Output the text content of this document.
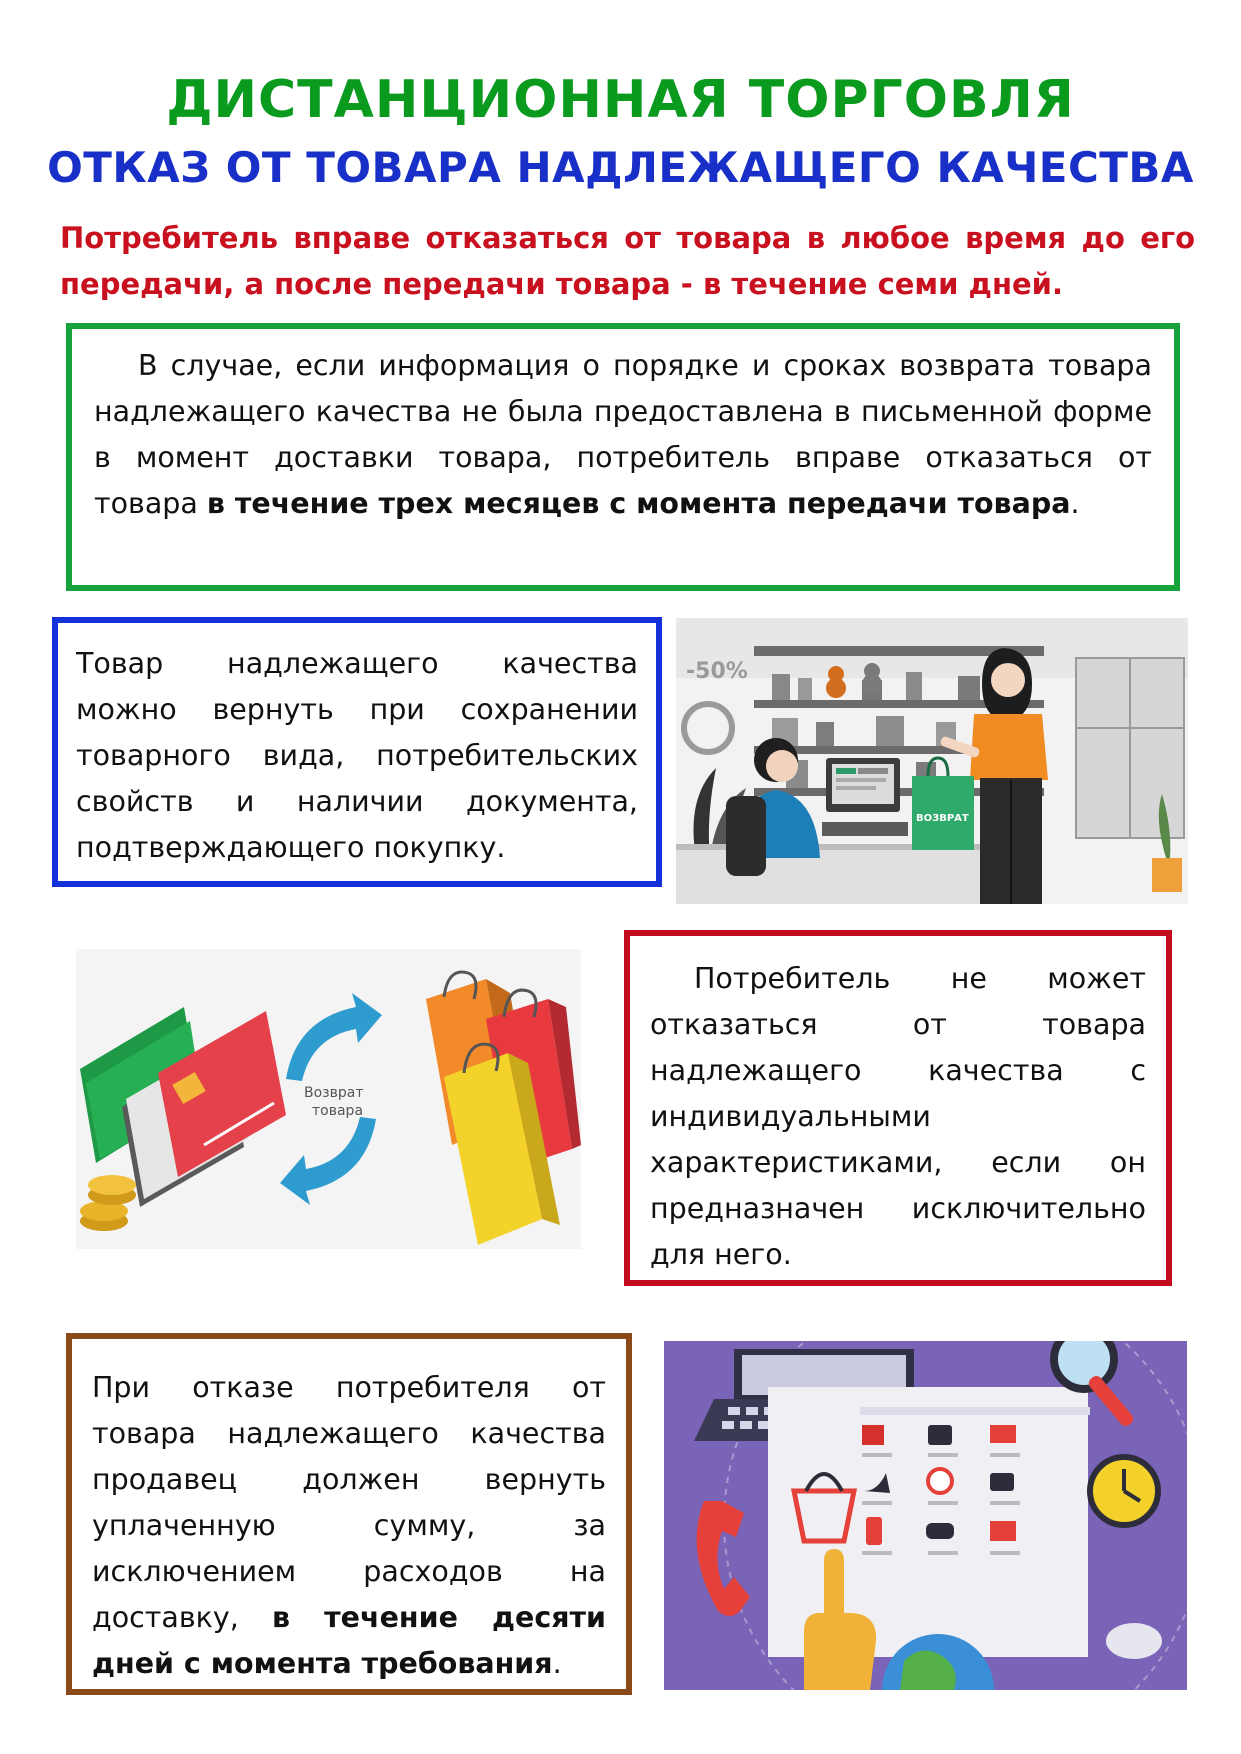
ДИСТАНЦИОННАЯ ТОРГОВЛЯ
ОТКАЗ ОТ ТОВАРА НАДЛЕЖАЩЕГО КАЧЕСТВА

Потребитель вправе отказаться от товара в любое время до его передачи, а после передачи товара - в течение семи дней.

В случае, если информация о порядке и сроках возврата товара надлежащего качества не была предоставлена в письменной форме в момент доставки товара, потребитель вправе отказаться от товара в течение трех месяцев с момента передачи товара.

Товар надлежащего качества можно вернуть при сохранении товарного вида, потребительских свойств и наличии документа, подтверждающего покупку.

-50%
ВОЗВРАТ
Возврат
товара

Потребитель не может отказаться от товара надлежащего качества с индивидуальными характеристиками, если он предназначен исключительно для него.

При отказе потребителя от товара надлежащего качества продавец должен вернуть уплаченную сумму, за исключением расходов на доставку, в течение десяти дней с момента требования.
